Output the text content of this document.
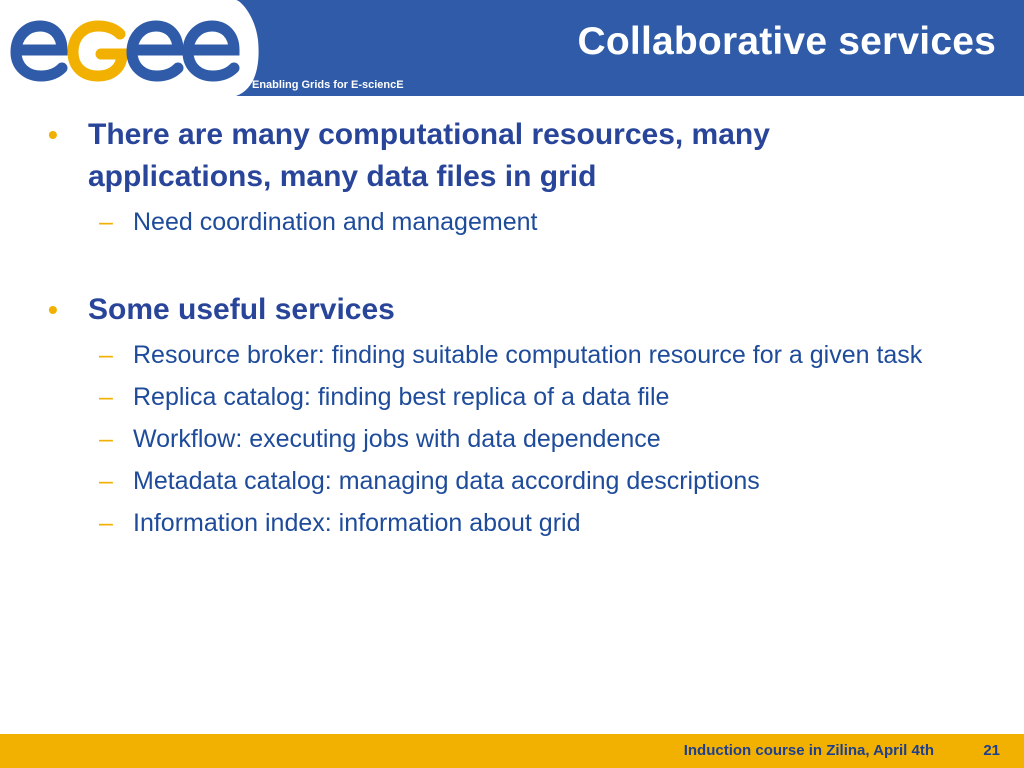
Enabling Grids for E-sciencE
Collaborative services
• There are many computational resources, many applications, many data files in grid
– Need coordination and management
• Some useful services
– Resource broker: finding suitable computation resource for a given task
– Replica catalog: finding best replica of a data file
– Workflow: executing jobs with data dependence
– Metadata catalog: managing data according descriptions
– Information index: information about grid
Induction course in Zilina, April 4th	21
